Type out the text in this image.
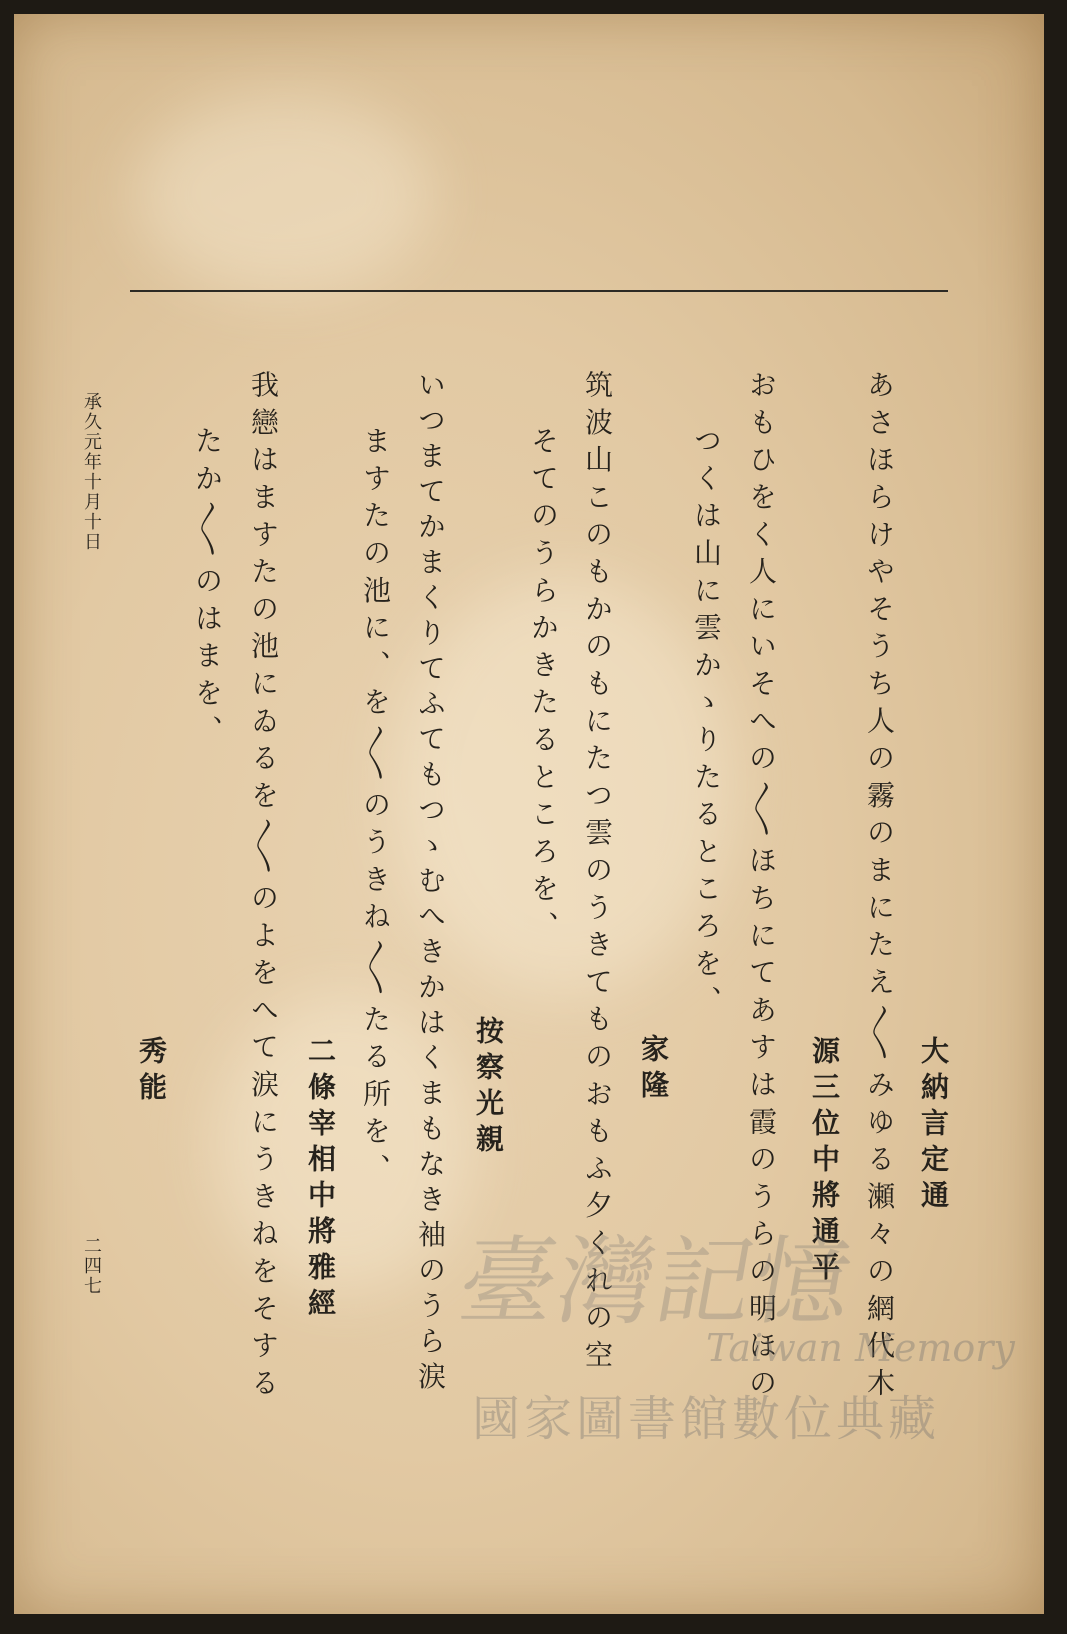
大納言定通
あさほらけやそうち人の霧のまにたえ〳〵みゆる瀬々の網代木
源三位中將通平
おもひをく人にいそへの〳〵ほちにてあすは霞のうらの明ほの
つくは山に雲かゝりたるところを、
家隆
筑波山このもかのもにたつ雲のうきてものおもふ夕くれの空
そてのうらかきたるところを、
按察光親
いつまてかまくりてふてもつゝむへきかはくまもなき袖のうら涙
ますたの池に、を〳〵のうきね〳〵たる所を、
二條宰相中將雅經
我戀はますたの池にゐるを〳〵のよをへて涙にうきねをそする
たか〳〵のはまを、
秀能
承久元年十月十日
二四七	臺灣記憶
Taiwan Memory
國家圖書館數位典藏
